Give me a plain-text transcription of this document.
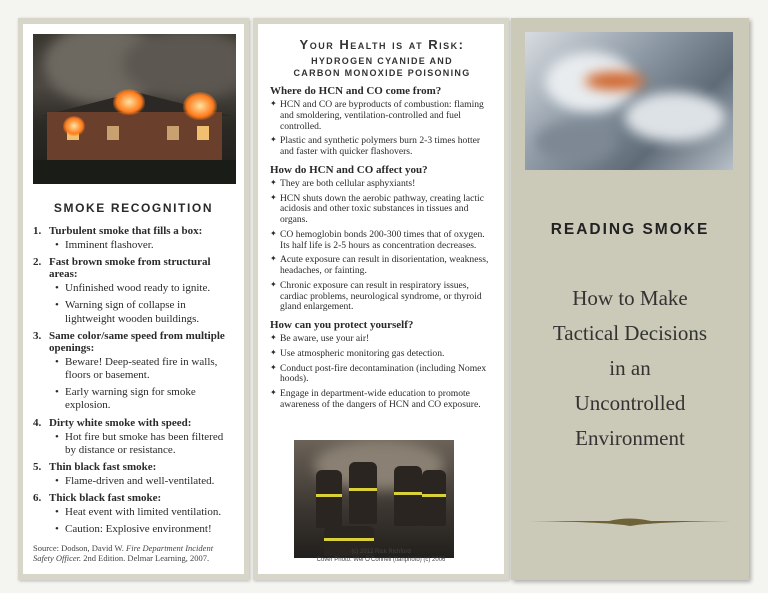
SMOKE RECOGNITION
1. Turbulent smoke that fills a box:
• Imminent flashover.
2. Fast brown smoke from structural areas:
• Unfinished wood ready to ignite.
• Warning sign of collapse in lightweight wooden buildings.
3. Same color/same speed from multiple openings:
• Beware! Deep-seated fire in walls, floors or basement.
• Early warning sign for smoke explosion.
4. Dirty white smoke with speed:
• Hot fire but smoke has been filtered by distance or resistance.
5. Thin black fast smoke:
• Flame-driven and well-ventilated.
6. Thick black fast smoke:
• Heat event with limited ventilation.
• Caution: Explosive environment!
Source: Dodson, David W. Fire Department Incident Safety Officer. 2nd Edition. Delmar Learning, 2007.
Your Health is at Risk:
HYDROGEN CYANIDE AND
CARBON MONOXIDE POISONING
Where do HCN and CO come from?
✦ HCN and CO are byproducts of combustion: flaming and smoldering, ventilation-controlled and fuel controlled.
✦ Plastic and synthetic polymers burn 2-3 times hotter and faster with quicker flashovers.
How do HCN and CO affect you?
✦ They are both cellular asphyxiants!
✦ HCN shuts down the aerobic pathway, creating lactic acidosis and other toxic substances in tissues and organs.
✦ CO hemoglobin bonds 200-300 times that of oxygen. Its half life is 2-5 hours as concentration decreases.
✦ Acute exposure can result in disorientation, weakness, headaches, or fainting.
✦ Chronic exposure can result in respiratory issues, cardiac problems, neurological syndrome, or thyroid gland enlargement.
How can you protect yourself?
✦ Be aware, use your air!
✦ Use atmospheric monitoring gas detection.
✦ Conduct post-fire decontamination (including Nomex hoods).
✦ Engage in department-wide education to promote awareness of the dangers of HCN and CO exposure.
(c) 2012 Rick Richford
Cover Photo: Wei O'Connell (tianphoto) (c) 2006
READING SMOKE
How to Make
Tactical Decisions
in an
Uncontrolled
Environment
